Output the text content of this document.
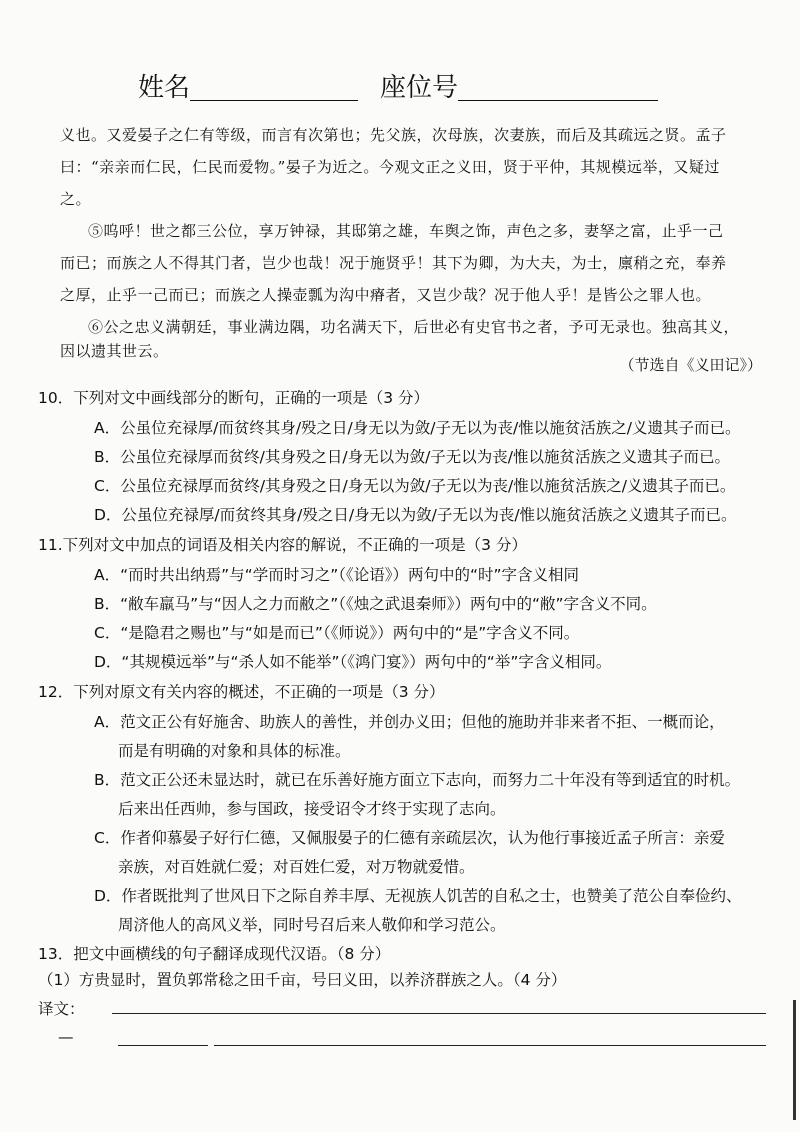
姓名	座位号
义也。又爱晏子之仁有等级，而言有次第也；先父族，次母族，次妻族，而后及其疏远之贤。孟子
曰：“亲亲而仁民，仁民而爱物。”晏子为近之。今观文正之义田，贤于平仲，其规模远举，又疑过
之。
⑤呜呼！世之都三公位，享万钟禄，其邸第之雄，车舆之饰，声色之多，妻孥之富，止乎一己
而已；而族之人不得其门者，岂少也哉！况于施贤乎！其下为卿，为大夫，为士，廪稍之充，奉养
之厚，止乎一己而已；而族之人操壶瓢为沟中瘠者，又岂少哉？况于他人乎！是皆公之罪人也。
⑥公之忠义满朝廷，事业满边隅，功名满天下，后世必有史官书之者，予可无录也。独高其义，
因以遗其世云。
（节选自《义田记》）
10．下列对文中画线部分的断句，正确的一项是（3 分）
A．公虽位充禄厚/而贫终其身/殁之日/身无以为敛/子无以为丧/惟以施贫活族之/义遗其子而已。
B．公虽位充禄厚而贫终/其身殁之日/身无以为敛/子无以为丧/惟以施贫活族之义遗其子而已。
C．公虽位充禄厚而贫终/其身殁之日/身无以为敛/子无以为丧/惟以施贫活族之/义遗其子而已。
D．公虽位充禄厚/而贫终其身/殁之日/身无以为敛/子无以为丧/惟以施贫活族之义遗其子而已。
11.下列对文中加点的词语及相关内容的解说，不正确的一项是（3 分）
A．“而时共出纳焉”与“学而时习之”（《论语》）两句中的“时”字含义相同
B．“敝车羸马”与“因人之力而敝之”（《烛之武退秦师》）两句中的“敝”字含义不同。
C．“是隐君之赐也”与“如是而已”（《师说》）两句中的“是”字含义不同。
D．“其规模远举”与“杀人如不能举”（《鸿门宴》）两句中的“举”字含义相同。
12．下列对原文有关内容的概述，不正确的一项是（3 分）
A．范文正公有好施舍、助族人的善性，并创办义田；但他的施助并非来者不拒、一概而论，
而是有明确的对象和具体的标准。
B．范文正公还未显达时，就已在乐善好施方面立下志向，而努力二十年没有等到适宜的时机。
后来出任西帅，参与国政，接受诏令才终于实现了志向。
C．作者仰慕晏子好行仁德，又佩服晏子的仁德有亲疏层次，认为他行事接近孟子所言：亲爱
亲族，对百姓就仁爱；对百姓仁爱，对万物就爱惜。
D．作者既批判了世风日下之际自养丰厚、无视族人饥苦的自私之士，也赞美了范公自奉俭约、
周济他人的高风义举，同时号召后来人敬仰和学习范公。
13．把文中画横线的句子翻译成现代汉语。（8 分）
（1）方贵显时，置负郭常稔之田千亩，号曰义田，以养济群族之人。（4 分）
译文：
—
